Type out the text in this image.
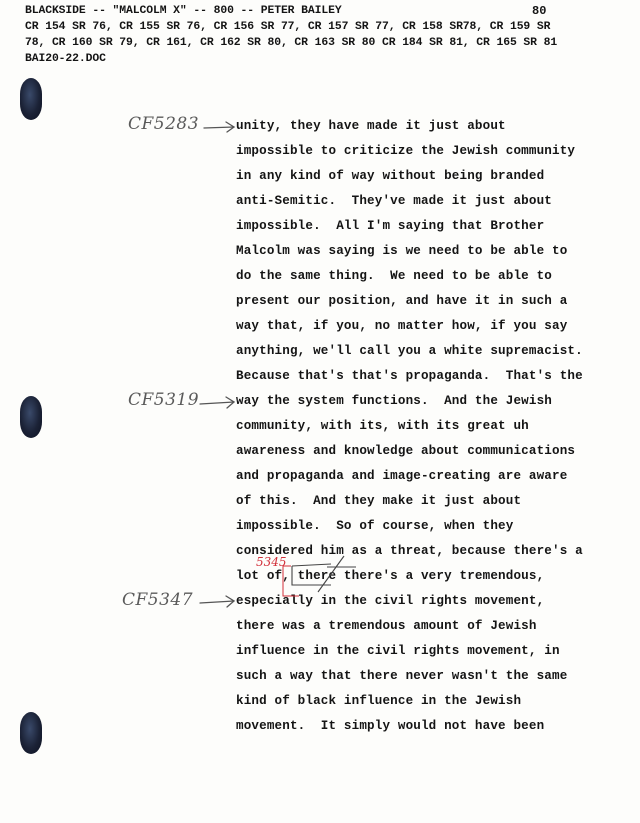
BLACKSIDE -- "MALCOLM X" -- 800 -- PETER BAILEY	80
CR 154 SR 76, CR 155 SR 76, CR 156 SR 77, CR 157 SR 77, CR 158 SR78, CR 159 SR
78, CR 160 SR 79, CR 161, CR 162 SR 80, CR 163 SR 80 CR 184 SR 81, CR 165 SR 81
BAI20-22.DOC
unity, they have made it just about
impossible to criticize the Jewish community
in any kind of way without being branded
anti-Semitic.  They've made it just about
impossible.  All I'm saying that Brother
Malcolm was saying is we need to be able to
do the same thing.  We need to be able to
present our position, and have it in such a
way that, if you, no matter how, if you say
anything, we'll call you a white supremacist.
Because that's that's propaganda.  That's the
way the system functions.  And the Jewish
community, with its, with its great uh
awareness and knowledge about communications
and propaganda and image-creating are aware
of this.  And they make it just about
impossible.  So of course, when they
considered him as a threat, because there's a
lot of, there there's a very tremendous,
especially in the civil rights movement,
there was a tremendous amount of Jewish
influence in the civil rights movement, in
such a way that there never wasn't the same
kind of black influence in the Jewish
movement.  It simply would not have been
CF5283
CF5319
CF5347
5345
